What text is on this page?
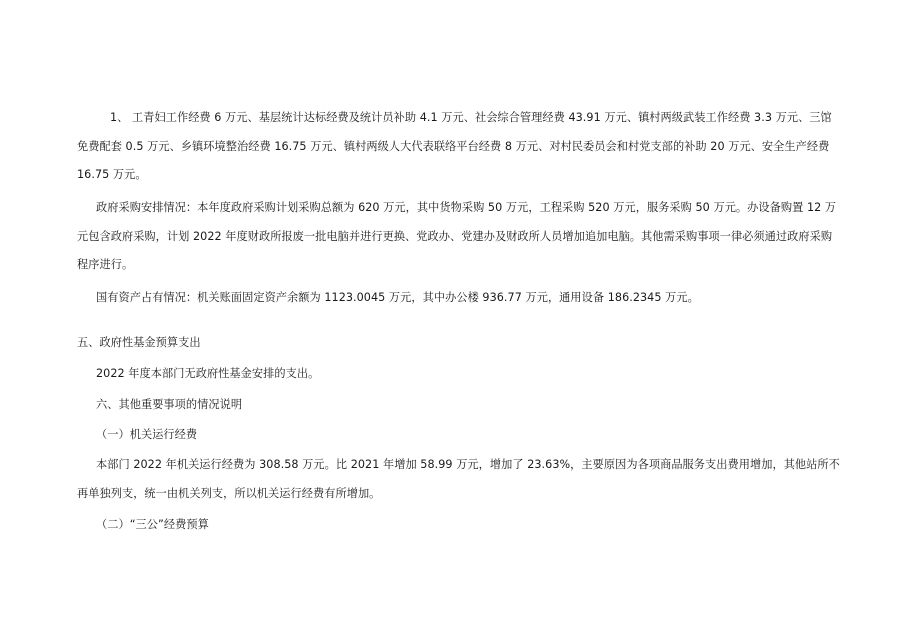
1、 工青妇工作经费 6 万元、基层统计达标经费及统计员补助 4.1 万元、社会综合管理经费 43.91 万元、镇村两级武装工作经费 3.3 万元、三馆
免费配套 0.5 万元、乡镇环境整治经费 16.75 万元、镇村两级人大代表联络平台经费 8 万元、对村民委员会和村党支部的补助 20 万元、安全生产经费
16.75 万元。
政府采购安排情况：本年度政府采购计划采购总额为 620 万元，其中货物采购 50 万元，工程采购 520 万元，服务采购 50 万元。办设备购置 12 万
元包含政府采购，计划 2022 年度财政所报废一批电脑并进行更换、党政办、党建办及财政所人员增加追加电脑。其他需采购事项一律必须通过政府采购
程序进行。
国有资产占有情况：机关账面固定资产余额为 1123.0045 万元，其中办公楼 936.77 万元，通用设备 186.2345 万元。
五、政府性基金预算支出
2022 年度本部门无政府性基金安排的支出。
六、其他重要事项的情况说明
（一）机关运行经费
本部门 2022 年机关运行经费为 308.58 万元。比 2021 年增加 58.99 万元，增加了 23.63%，主要原因为各项商品服务支出费用增加，其他站所不
再单独列支，统一由机关列支，所以机关运行经费有所增加。
（二）“三公”经费预算
